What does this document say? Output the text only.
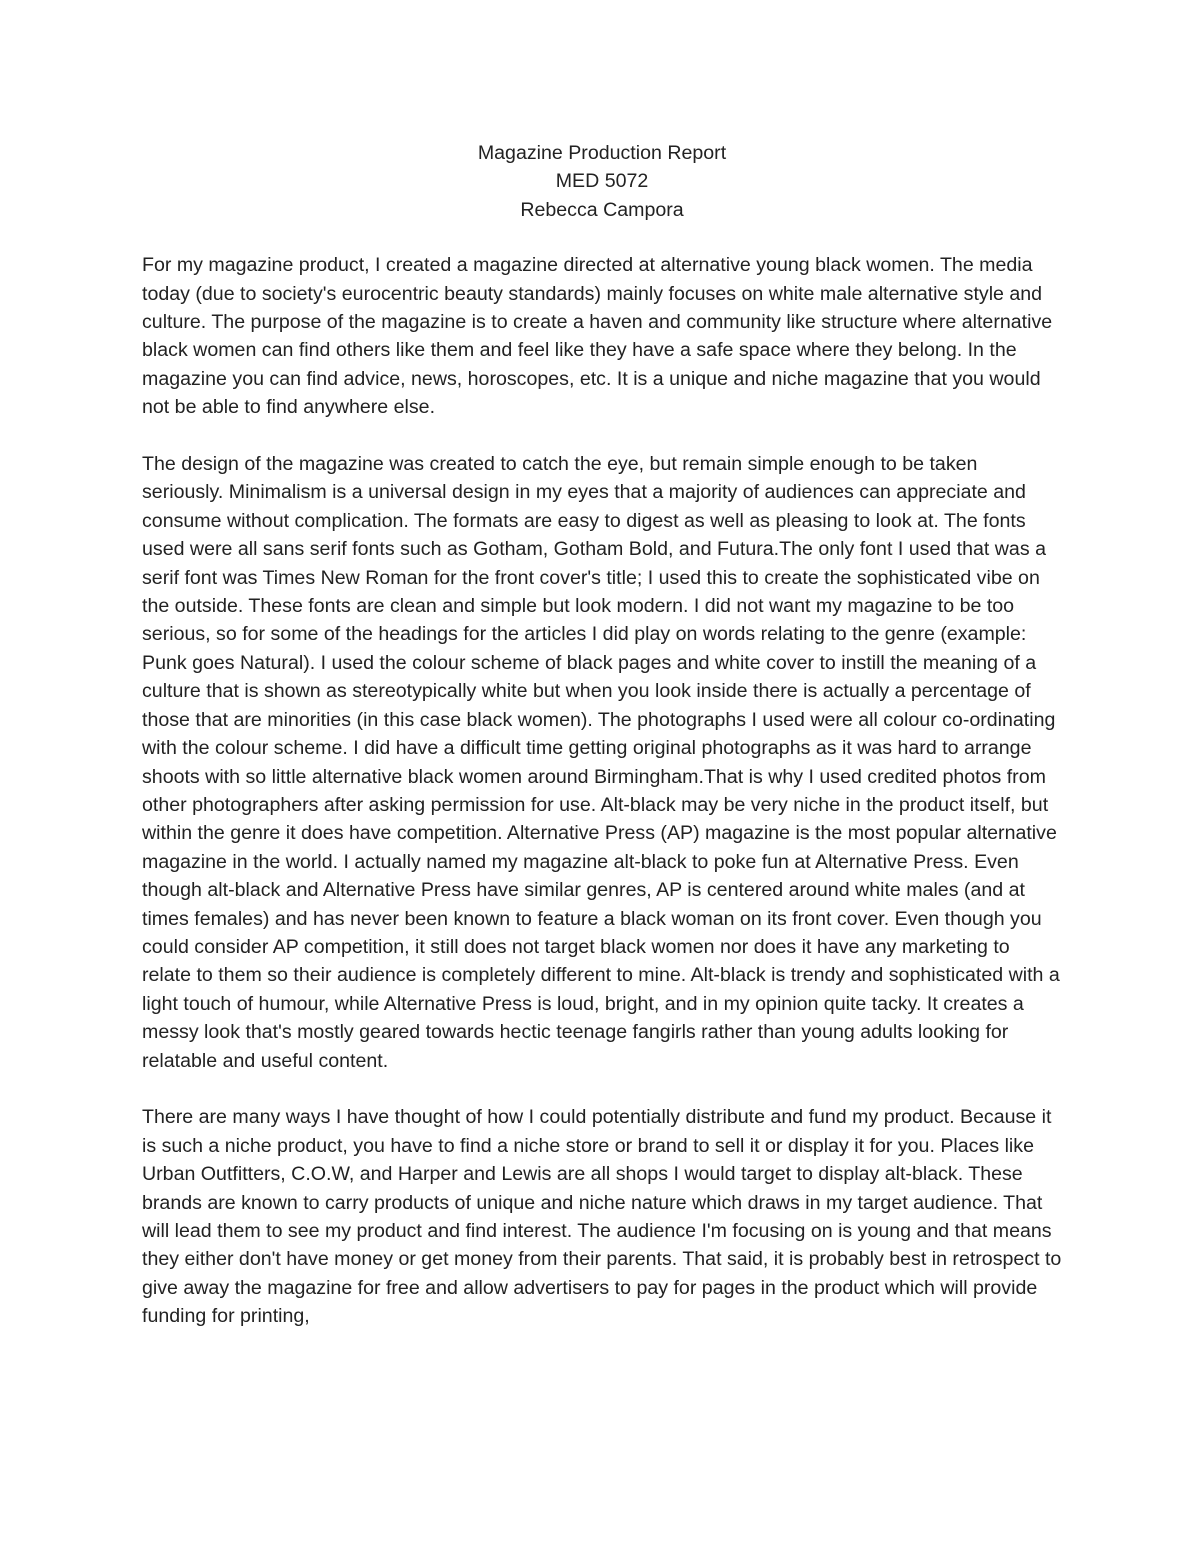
Magazine Production Report
MED 5072
Rebecca Campora

For my magazine product, I created a magazine directed at alternative young black women. The media today (due to society's eurocentric beauty standards) mainly focuses on white male alternative style and culture. The purpose of the magazine is to create a haven and community like structure where alternative black women can find others like them and feel like they have a safe space where they belong. In the magazine you can find advice, news, horoscopes, etc. It is a unique and niche magazine that you would not be able to find anywhere else.

The design of the magazine was created to catch the eye, but remain simple enough to be taken seriously. Minimalism is a universal design in my eyes that a majority of audiences can appreciate and consume without complication. The formats are easy to digest as well as pleasing to look at. The fonts used were all sans serif fonts such as Gotham, Gotham Bold, and Futura.The only font I used that was a serif font was Times New Roman for the front cover's title; I used this to create the sophisticated vibe on the outside. These fonts are clean and simple but look modern. I did not want my magazine to be too serious, so for some of the headings for the articles I did play on words relating to the genre (example: Punk goes Natural). I used the colour scheme of black pages and white cover to instill the meaning of a culture that is shown as stereotypically white but when you look inside there is actually a percentage of those that are minorities (in this case black women). The photographs I used were all colour co-ordinating with the colour scheme. I did have a difficult time getting original photographs as it was hard to arrange shoots with so little alternative black women around Birmingham.That is why I used credited photos from other photographers after asking permission for use. Alt-black may be very niche in the product itself, but within the genre it does have competition. Alternative Press (AP) magazine is the most popular alternative magazine in the world. I actually named my magazine alt-black to poke fun at Alternative Press. Even though alt-black and Alternative Press have similar genres, AP is centered around white males (and at times females) and has never been known to feature a black woman on its front cover. Even though you could consider AP competition, it still does not target black women nor does it have any marketing to relate to them so their audience is completely different to mine. Alt-black is trendy and sophisticated with a light touch of humour, while Alternative Press is loud, bright, and in my opinion quite tacky. It creates a messy look that's mostly geared towards hectic teenage fangirls rather than young adults looking for relatable and useful content.

There are many ways I have thought of how I could potentially distribute and fund my product. Because it is such a niche product, you have to find a niche store or brand to sell it or display it for you. Places like Urban Outfitters, C.O.W, and Harper and Lewis are all shops I would target to display alt-black. These brands are known to carry products of unique and niche nature which draws in my target audience. That will lead them to see my product and find interest. The audience I'm focusing on is young and that means they either don't have money or get money from their parents. That said, it is probably best in retrospect to give away the magazine for free and allow advertisers to pay for pages in the product which will provide funding for printing,
